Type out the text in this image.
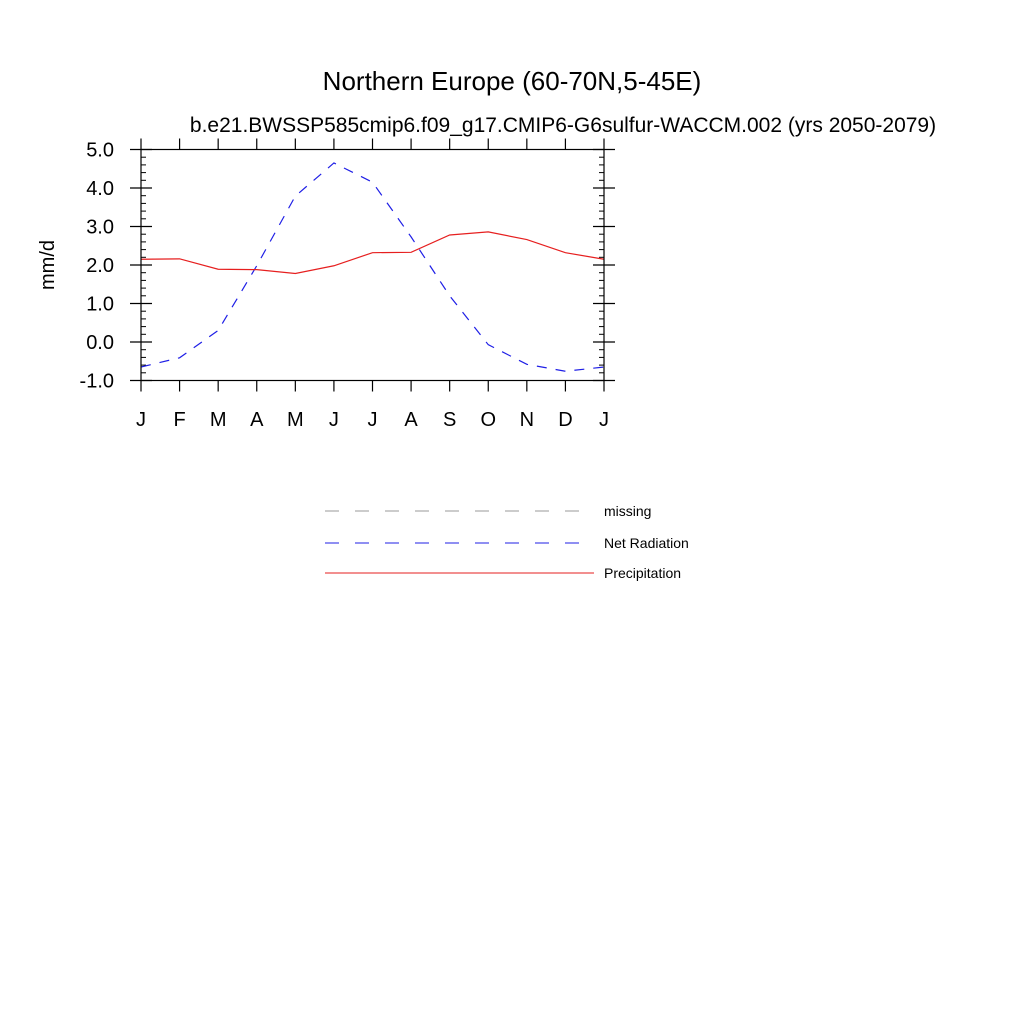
Northern Europe (60-70N,5-45E)
b.e21.BWSSP585cmip6.f09_g17.CMIP6-G6sulfur-WACCM.002 (yrs 2050-2079)
mm/d
-1.0
0.0
1.0
2.0
3.0
4.0
5.0
J F M A M J J A S O N D J
missing
Net Radiation
Precipitation
